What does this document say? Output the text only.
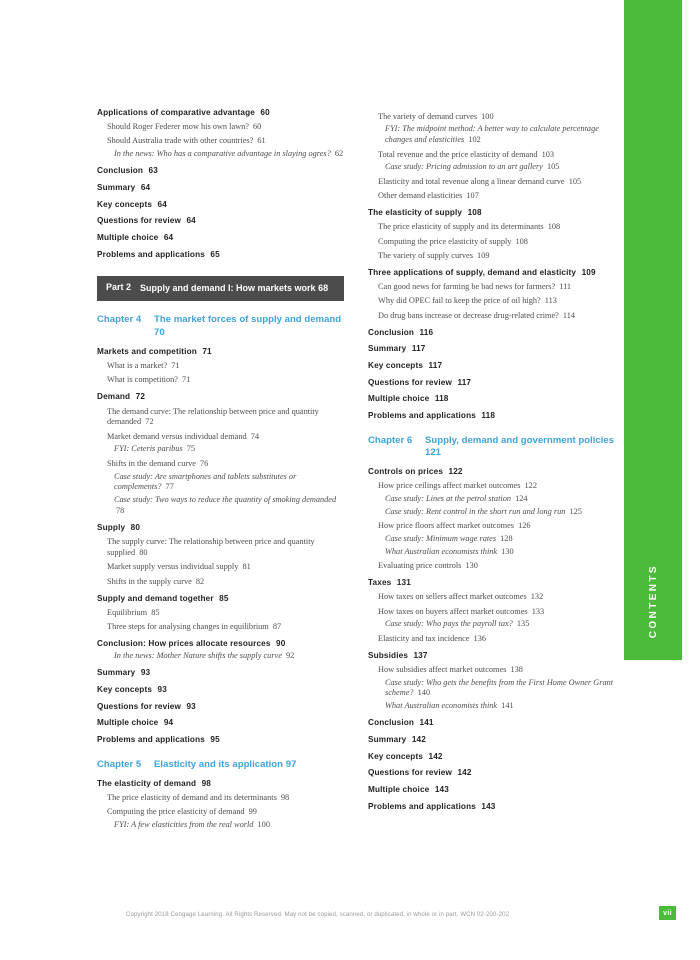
CONTENTS
Applications of comparative advantage 60
Should Roger Federer mow his own lawn? 60
Should Australia trade with other countries? 61
In the news: Who has a comparative advantage in slaying ogres? 62
Conclusion 63
Summary 64
Key concepts 64
Questions for review 64
Multiple choice 64
Problems and applications 65
Part 2	Supply and demand I: How markets work 68
Chapter 4	The market forces of supply and demand 70
Markets and competition 71
What is a market? 71
What is competition? 71
Demand 72
The demand curve: The relationship between price and quantity demanded 72
Market demand versus individual demand 74
FYI: Ceteris paribus 75
Shifts in the demand curve 76
Case study: Are smartphones and tablets substitutes or complements? 77
Case study: Two ways to reduce the quantity of smoking demanded 78
Supply 80
The supply curve: The relationship between price and quantity supplied 80
Market supply versus individual supply 81
Shifts in the supply curve 82
Supply and demand together 85
Equilibrium 85
Three steps for analysing changes in equilibrium 87
Conclusion: How prices allocate resources 90
In the news: Mother Nature shifts the supply curve 92
Summary 93
Key concepts 93
Questions for review 93
Multiple choice 94
Problems and applications 95
Chapter 5	Elasticity and its application 97
The elasticity of demand 98
The price elasticity of demand and its determinants 98
Computing the price elasticity of demand 99
FYI: A few elasticities from the real world 100
The variety of demand curves 100
FYI: The midpoint method: A better way to calculate percentage changes and elasticities 102
Total revenue and the price elasticity of demand 103
Case study: Pricing admission to an art gallery 105
Elasticity and total revenue along a linear demand curve 105
Other demand elasticities 107
The elasticity of supply 108
The price elasticity of supply and its determinants 108
Computing the price elasticity of supply 108
The variety of supply curves 109
Three applications of supply, demand and elasticity 109
Can good news for farming be bad news for farmers? 111
Why did OPEC fail to keep the price of oil high? 113
Do drug bans increase or decrease drug-related crime? 114
Conclusion 116
Summary 117
Key concepts 117
Questions for review 117
Multiple choice 118
Problems and applications 118
Chapter 6	Supply, demand and government policies 121
Controls on prices 122
How price ceilings affect market outcomes 122
Case study: Lines at the petrol station 124
Case study: Rent control in the short run and long run 125
How price floors affect market outcomes 126
Case study: Minimum wage rates 128
What Australian economists think 130
Evaluating price controls 130
Taxes 131
How taxes on sellers affect market outcomes 132
How taxes on buyers affect market outcomes 133
Case study: Who pays the payroll tax? 135
Elasticity and tax incidence 136
Subsidies 137
How subsidies affect market outcomes 138
Case study: Who gets the benefits from the First Home Owner Grant scheme? 140
What Australian economists think 141
Conclusion 141
Summary 142
Key concepts 142
Questions for review 142
Multiple choice 143
Problems and applications 143
Copyright 2018 Cengage Learning. All Rights Reserved. May not be copied, scanned, or duplicated, in whole or in part. WCN 02-200-202	vii
